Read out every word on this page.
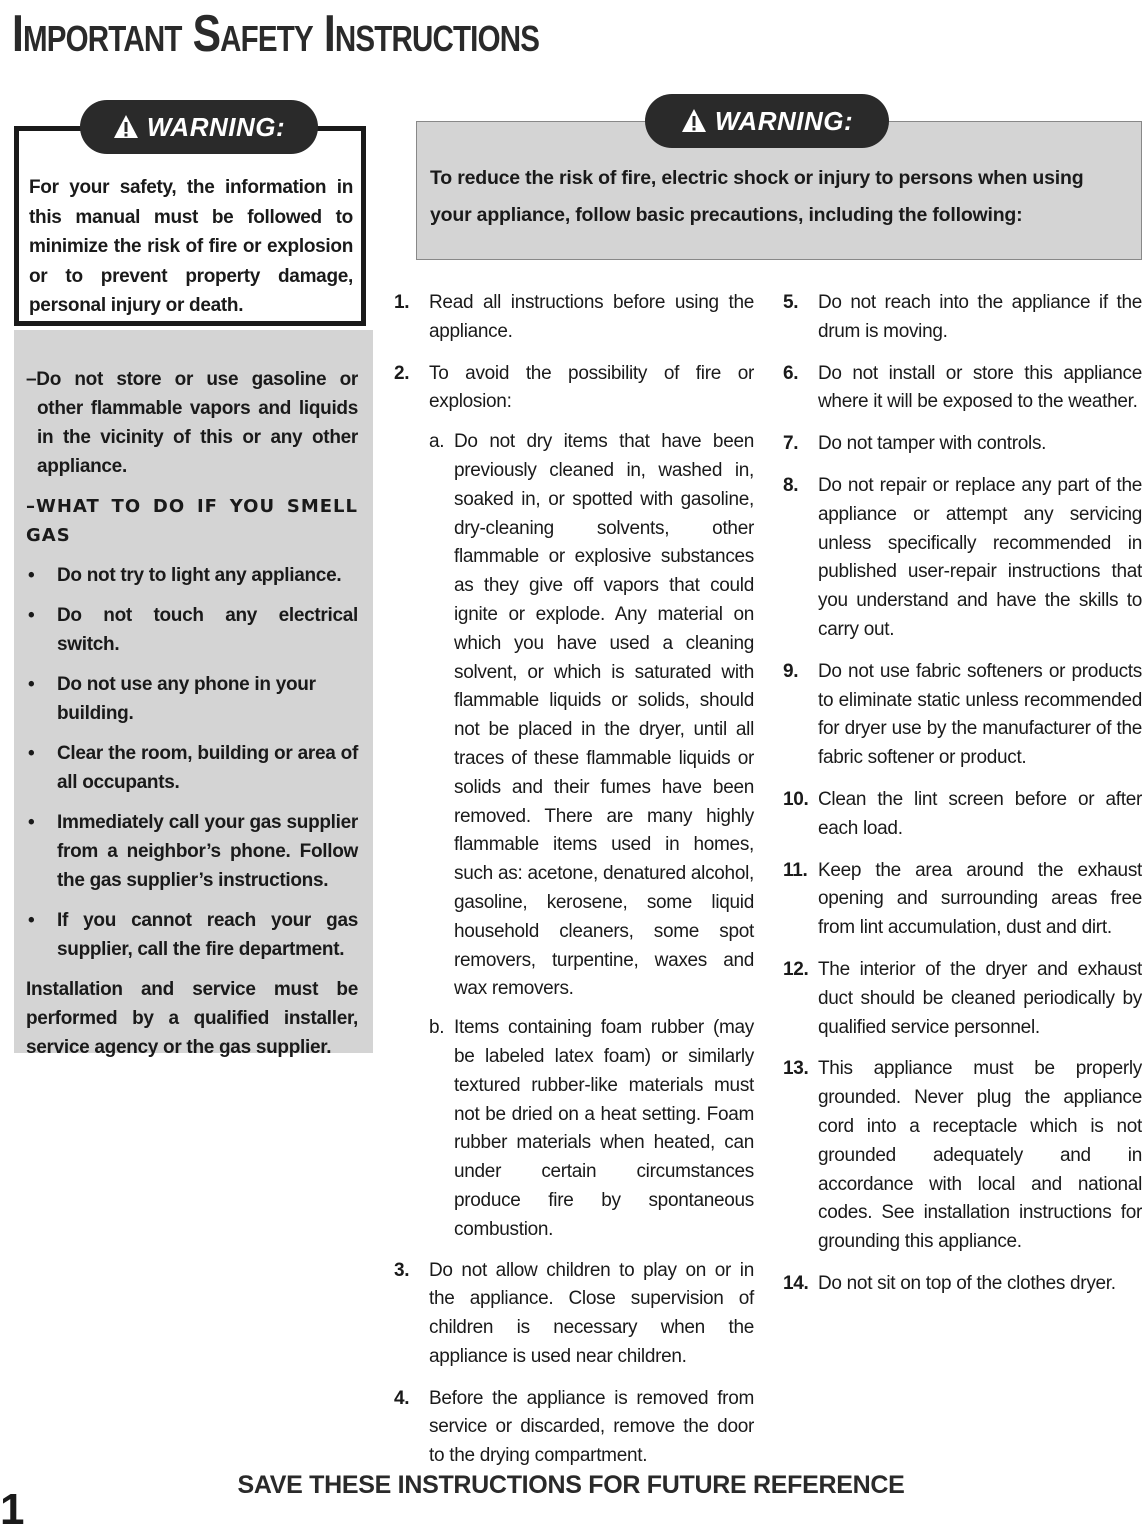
Important Safety Instructions
For your safety, the information in this manual must be followed to minimize the risk of fire or explosion or to prevent property damage, personal injury or death.
WARNING:

–Do not store or use gasoline or other flammable vapors and liquids in the vicinity of this or any other appliance.

–WHAT TO DO IF YOU SMELL GAS

•	Do not try to light any appliance.
•	Do not touch any electrical switch.
•	Do not use any phone in your building.
•	Clear the room, building or area of all occupants.
•	Immediately call your gas supplier from a neighbor’s phone. Follow the gas supplier’s instructions.
•	If you cannot reach your gas supplier, call the fire department.

Installation and service must be performed by a qualified installer, service agency or the gas supplier.

To reduce the risk of fire, electric shock or injury to persons when using your appliance, follow basic precautions, including the following:
WARNING:
1.	Read all instructions before using the appliance.
2.	To avoid the possibility of fire or explosion:
a. Do not dry items that have been previously cleaned in, washed in, soaked in, or spotted with gasoline, dry-cleaning solvents, other flammable or explosive substances as they give off vapors that could ignite or explode. Any material on which you have used a cleaning solvent, or which is saturated with flammable liquids or solids, should not be placed in the dryer, until all traces of these flammable liquids or solids and their fumes have been removed. There are many highly flammable items used in homes, such as: acetone, denatured alcohol, gasoline, kerosene, some liquid household cleaners, some spot removers, turpentine, waxes and wax removers.
b. Items containing foam rubber (may be labeled latex foam) or similarly textured rubber-like materials must not be dried on a heat setting. Foam rubber materials when heated, can under certain circumstances produce fire by spontaneous combustion.
3.	Do not allow children to play on or in the appliance. Close supervision of children is necessary when the appliance is used near children.
4.	Before the appliance is removed from service or discarded, remove the door to the drying compartment.
5.	Do not reach into the appliance if the drum is moving.
6.	Do not install or store this appliance where it will be exposed to the weather.
7.	Do not tamper with controls.
8.	Do not repair or replace any part of the appliance or attempt any servicing unless specifically recommended in published user-repair instructions that you understand and have the skills to carry out.
9.	Do not use fabric softeners or products to eliminate static unless recommended for dryer use by the manufacturer of the fabric softener or product.
10. Clean the lint screen before or after each load.
11. Keep the area around the exhaust opening and surrounding areas free from lint accumulation, dust and dirt.
12. The interior of the dryer and exhaust duct should be cleaned periodically by qualified service personnel.
13. This appliance must be properly grounded. Never plug the appliance cord into a receptacle which is not grounded adequately and in accordance with local and national codes. See installation instructions for grounding this appliance.
14. Do not sit on top of the clothes dryer.
SAVE THESE INSTRUCTIONS FOR FUTURE REFERENCE
1
